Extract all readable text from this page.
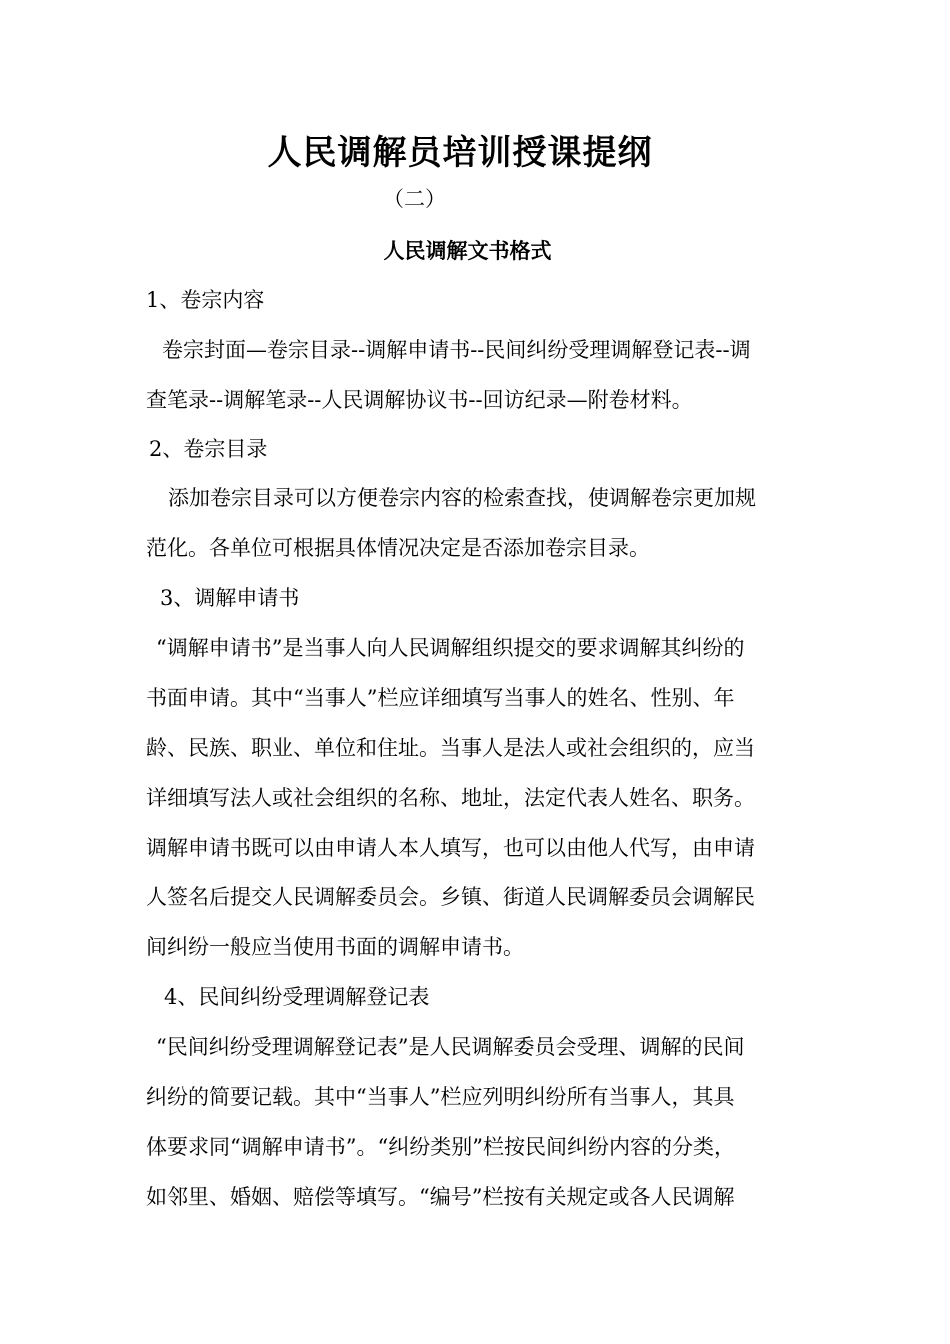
人民调解员培训授课提纲
（二）
人民调解文书格式
1、卷宗内容
卷宗封面—卷宗目录--调解申请书--民间纠纷受理调解登记表--调
查笔录--调解笔录--人民调解协议书--回访纪录—附卷材料。
2、卷宗目录
添加卷宗目录可以方便卷宗内容的检索查找，使调解卷宗更加规
范化。各单位可根据具体情况决定是否添加卷宗目录。
3、调解申请书
“调解申请书”是当事人向人民调解组织提交的要求调解其纠纷的
书面申请。其中“当事人”栏应详细填写当事人的姓名、性别、年
龄、民族、职业、单位和住址。当事人是法人或社会组织的，应当
详细填写法人或社会组织的名称、地址，法定代表人姓名、职务。
调解申请书既可以由申请人本人填写，也可以由他人代写，由申请
人签名后提交人民调解委员会。乡镇、街道人民调解委员会调解民
间纠纷一般应当使用书面的调解申请书。
4、民间纠纷受理调解登记表
“民间纠纷受理调解登记表”是人民调解委员会受理、调解的民间
纠纷的简要记载。其中“当事人”栏应列明纠纷所有当事人，其具
体要求同“调解申请书”。“纠纷类别”栏按民间纠纷内容的分类，
如邻里、婚姻、赔偿等填写。“编号”栏按有关规定或各人民调解
